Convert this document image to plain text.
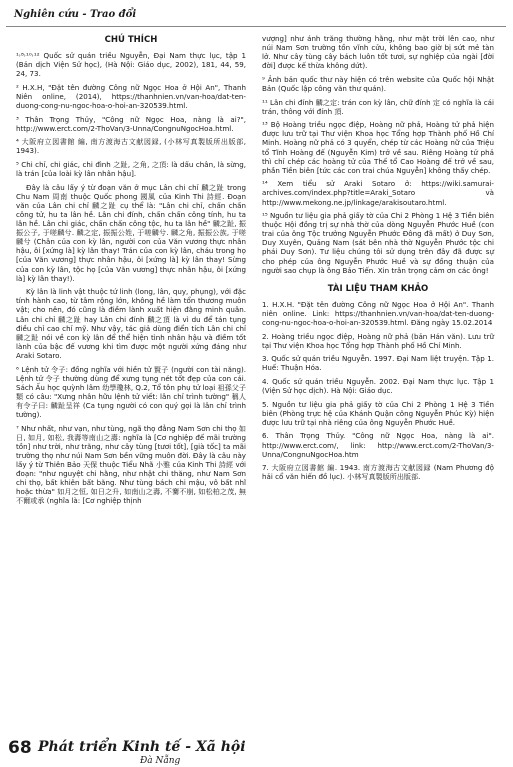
Nghiên cứu - Trao đổi
CHÚ THÍCH

¹˒⁸˒¹⁰˒¹² Quốc sử quán triều Nguyễn, Đại Nam thực lục, tập 1 (Bản dịch Viện Sử học), (Hà Nội: Giáo dục, 2002), 181, 44, 59, 24, 73.

² H.X.H, "Đặt tên đường Công nữ Ngọc Hoa ở Hội An", Thanh Niên online, (2014), https://thanhnien.vn/van-hoa/dat-ten-duong-cong-nu-ngoc-hoa-o-hoi-an-320539.html.

³ Thân Trọng Thủy, "Công nữ Ngọc Hoa, nàng là ai?", http://www.erct.com/2-ThoVan/3-Unna/CongnuNgocHoa.html.

⁴ 大阪府立図書館 編, 南方渡海古文献図録, (小林写真製版所出版部, 1943).

⁵ Chi chỉ, chi giác, chi đình 之趾, 之角, 之頂: là dấu chân, là sừng, là trán [của loài kỳ lân nhân hậu].

Đây là câu lấy ý từ đoạn văn ở mục Lân chi chỉ 麟之趾 trong Chu Nam 周南 thuộc Quốc phong 國風 của Kinh Thi 詩經. Đoạn văn của Lân chi chỉ 麟之趾 cụ thể là: "Lân chi chỉ, chấn chấn công tử, hu ta lân hề. Lân chi đính, chấn chấn công tính, hu ta lân hề. Lân chi giác, chấn chấn công tộc, hu ta lân hề" 麟之趾, 振振公子, 于嗟麟兮. 麟之定, 振振公姓, 于嗟麟兮. 麟之角, 振振公族, 于嗟麟兮 (Chân của con kỳ lân, người con của Văn vương thực nhân hậu, ôi [xứng là] kỳ lân thay! Trán của con kỳ lân, cháu trong họ [của Văn vương] thực nhân hậu, ôi [xứng là] kỳ lân thay! Sừng của con kỳ lân, tộc họ [của Văn vương] thực nhân hậu, ôi [xứng là] kỳ lân thay!).

Kỳ lân là linh vật thuộc tứ linh (long, lân, quy, phụng), với đặc tính hành cao, từ tâm rộng lớn, không hề làm tổn thương muôn vật; cho nên, đó cũng là điềm lành xuất hiện đằng minh quân. Lân chi chỉ 麟之趾 hay Lân chi đính 麟之頂 là vì du để tán tụng điều chỉ cao chỉ mỹ. Như vậy, tác giả dùng điển tích Lân chi chỉ 麟之趾 nói về con kỳ lân để thể hiện tình nhân hậu và điềm tốt lành của bậc đế vương khi tìm được một người xứng đáng như Araki Sotaro.

⁶ Lệnh tử 令子: đồng nghĩa với hiền tử 賢子 (người con tài năng). Lệnh tử 令子 thường dùng để xưng tụng nét tốt đẹp của con cái. Sách Ấu học quỳnh lâm 幼學瓊林, Q.2, Tổ tôn phụ tử loại 祖孫父子類 có câu: "Xưng nhân hữu lệnh tử viết: lân chỉ trình tường" 稱人有令子曰: 麟趾呈祥 (Ca tụng người có con quý gọi là lân chỉ trình tường).

⁷ Như nhất, như vạn, như tùng, ngã thọ đẳng Nam Sơn chi thọ 如日, 如月, 如松, 我壽等南山之壽: nghĩa là [Cơ nghiệp đế mãi trường tồn] như trời, như trăng, như cây tùng [tươi tốt], [già tốc] ta mãi trường thọ như núi Nam Sơn bền vững muôn đời. Đây là câu này lấy ý từ Thiên Bảo 天保 thuộc Tiểu Nhã 小雅 của Kinh Thi 詩經 với đoạn: "như nguyệt chi hằng, như nhật chi thăng, như Nam Sơn chi thọ, bất khiên bất băng. Như tùng bách chi mậu, vô bất nhĩ hoặc thừa" 如月之恒, 如日之升, 如南山之壽, 不騫不崩, 如松柏之茂, 無不爾或承 (nghĩa là: [Cơ nghiệp thịnh

vượng] như ánh trăng thường hằng, như mặt trời lên cao, như núi Nam Sơn trường tồn vĩnh cửu, không bao giờ bị sứt mẻ tàn lở. Như cây tùng cây bách luôn tốt tươi, sự nghiệp của ngài [đời đời] được kế thừa không dứt).

⁹ Ảnh bản quốc thư này hiện có trên website của Quốc hội Nhật Bản (Quốc lập công văn thư quán).

¹¹ Lân chi đính 麟之定: trán con kỳ lân, chữ đính 定 có nghĩa là cái trán, thông với đính 頂.

¹³ Bộ Hoàng triều ngọc điệp, Hoàng nữ phả, Hoàng tử phả hiện được lưu trữ tại Thư viện Khoa học Tổng hợp Thành phố Hồ Chí Minh. Hoàng nữ phả có 3 quyển, chép từ các Hoàng nữ của Triệu tổ Tĩnh Hoàng đế (Nguyễn Kim) trở về sau. Riêng Hoàng tử phả thì chỉ chép các hoàng tử của Thế tổ Cao Hoàng đế trở về sau, phần Tiền biên [tức các con trai chúa Nguyễn] không thấy chép.

¹⁴ Xem tiểu sử Araki Sotaro ở: https://wiki.samurai-archives.com/index.php?title=Araki_Sotaro và http://www.mekong.ne.jp/linkage/arakisoutaro.html.

¹⁵ Nguồn tư liệu gia phả giấy tờ của Chi 2 Phòng 1 Hệ 3 Tiền biên thuộc Hội đồng trị sự nhà thờ của dòng Nguyễn Phước Huề (con trai của ông Tộc trưởng Nguyễn Phước Đông đã mất) ở Duy Sơn, Duy Xuyên, Quảng Nam (sát bên nhà thờ Nguyễn Phước tộc chi phái Duy Sơn). Tư liệu chúng tôi sử dụng trên đây đã được sự cho phép của ông Nguyễn Phước Huề và sự đồng thuận của người sao chụp là ông Bảo Tiến. Xin trân trọng cảm ơn các ông!

TÀI LIỆU THAM KHẢO

1. H.X.H. "Đặt tên đường Công nữ Ngọc Hoa ở Hội An". Thanh niên online. Link: https://thanhnien.vn/van-hoa/dat-ten-duong-cong-nu-ngoc-hoa-o-hoi-an-320539.html. Đăng ngày 15.02.2014

2. Hoàng triều ngọc điệp, Hoàng nữ phả (bản Hán văn). Lưu trữ tại Thư viện Khoa học Tổng hợp Thành phố Hồ Chí Minh.

3. Quốc sử quán triều Nguyễn. 1997. Đại Nam liệt truyện. Tập 1. Huế: Thuận Hóa.

4. Quốc sử quán triều Nguyễn. 2002. Đại Nam thực lục. Tập 1 (Viện Sử học dịch). Hà Nội: Giáo dục.

5. Nguồn tư liệu gia phả giấy tờ của Chi 2 Phòng 1 Hệ 3 Tiền biên (Phòng trực hệ của Khánh Quận công Nguyễn Phúc Kỳ) hiện được lưu trữ tại nhà riêng của ông Nguyễn Phước Huề.

6. Thân Trọng Thủy. "Công nữ Ngọc Hoa, nàng là ai". http://www.erct.com/, link: http://www.erct.com/2-ThoVan/3-Unna/CongnuNgocHoa.htm

7. 大阪府立図書館 編. 1943. 南方渡海古文献図録 (Nam Phương độ hải cổ văn hiến đồ lục). 小林写真製版所出版部.

68 Phát triển Kinh tế - Xã hội
Đà Nẵng
